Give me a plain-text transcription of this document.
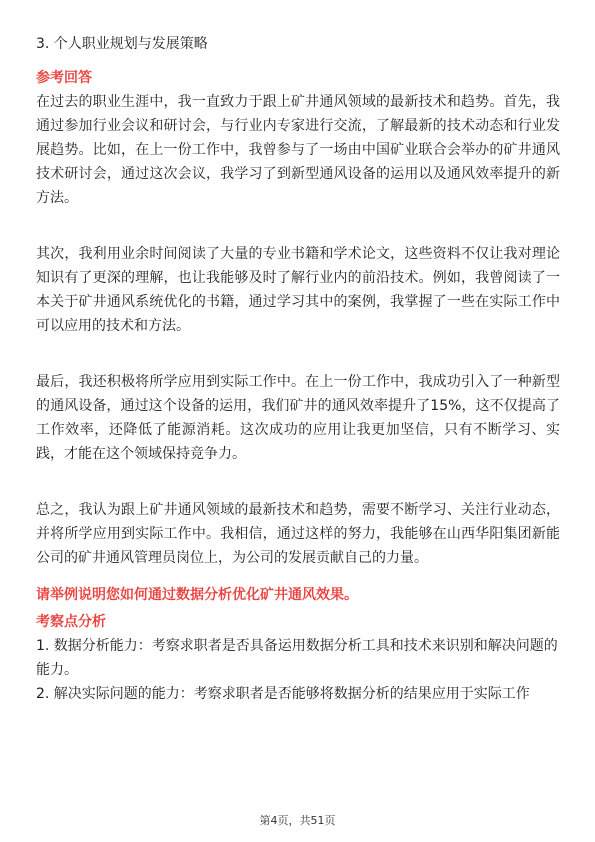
3. 个人职业规划与发展策略
参考回答

在过去的职业生涯中，我一直致力于跟上矿井通风领域的最新技术和趋势。首先，我通过参加行业会议和研讨会，与行业内专家进行交流，了解最新的技术动态和行业发展趋势。比如，在上一份工作中，我曾参与了一场由中国矿业联合会举办的矿井通风技术研讨会，通过这次会议，我学习了到新型通风设备的运用以及通风效率提升的新方法。

其次，我利用业余时间阅读了大量的专业书籍和学术论文，这些资料不仅让我对理论知识有了更深的理解，也让我能够及时了解行业内的前沿技术。例如，我曾阅读了一本关于矿井通风系统优化的书籍，通过学习其中的案例，我掌握了一些在实际工作中可以应用的技术和方法。

最后，我还积极将所学应用到实际工作中。在上一份工作中，我成功引入了一种新型的通风设备，通过这个设备的运用，我们矿井的通风效率提升了15%，这不仅提高了工作效率，还降低了能源消耗。这次成功的应用让我更加坚信，只有不断学习、实践，才能在这个领域保持竞争力。

总之，我认为跟上矿井通风领域的最新技术和趋势，需要不断学习、关注行业动态，并将所学应用到实际工作中。我相信，通过这样的努力，我能够在山西华阳集团新能公司的矿井通风管理员岗位上，为公司的发展贡献自己的力量。

请举例说明您如何通过数据分析优化矿井通风效果。
考察点分析

1. 数据分析能力：考察求职者是否具备运用数据分析工具和技术来识别和解决问题的能力。

2. 解决实际问题的能力：考察求职者是否能够将数据分析的结果应用于实际工作

第4页，共51页
